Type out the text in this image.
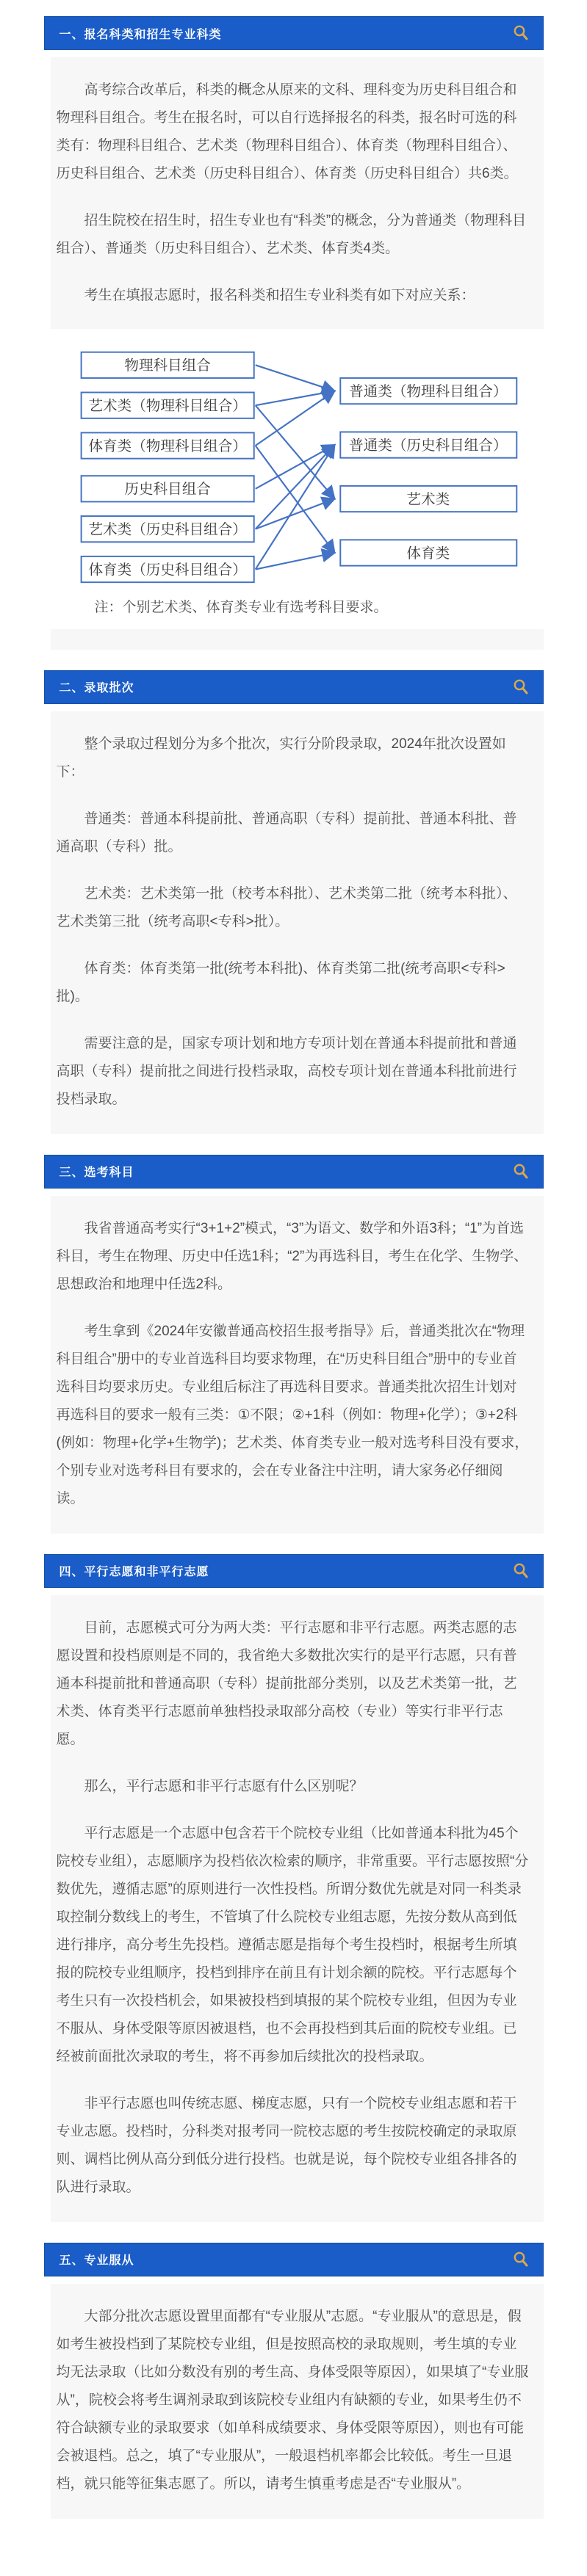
一、报名科类和招生专业科类

高考综合改革后，科类的概念从原来的文科、理科变为历史科目组合和物理科目组合。考生在报名时，可以自行选择报名的科类，报名时可选的科类有：物理科目组合、艺术类（物理科目组合）、体育类（物理科目组合）、历史科目组合、艺术类（历史科目组合）、体育类（历史科目组合）共6类。

招生院校在招生时，招生专业也有“科类”的概念，分为普通类（物理科目组合）、普通类（历史科目组合）、艺术类、体育类4类。

考生在填报志愿时，报名科类和招生专业科类有如下对应关系：

物理科目组合
艺术类（物理科目组合）
体育类（物理科目组合）
历史科目组合
艺术类（历史科目组合）
体育类（历史科目组合）
普通类（物理科目组合）
普通类（历史科目组合）
艺术类
体育类

注：个别艺术类、体育类专业有选考科目要求。

二、录取批次

整个录取过程划分为多个批次，实行分阶段录取，2024年批次设置如下：

普通类：普通本科提前批、普通高职（专科）提前批、普通本科批、普通高职（专科）批。

艺术类：艺术类第一批（校考本科批）、艺术类第二批（统考本科批）、艺术类第三批（统考高职<专科>批）。

体育类：体育类第一批(统考本科批)、体育类第二批(统考高职<专科>批)。

需要注意的是，国家专项计划和地方专项计划在普通本科提前批和普通高职（专科）提前批之间进行投档录取，高校专项计划在普通本科批前进行投档录取。

三、选考科目

我省普通高考实行“3+1+2”模式，“3”为语文、数学和外语3科；“1”为首选科目，考生在物理、历史中任选1科；“2”为再选科目，考生在化学、生物学、思想政治和地理中任选2科。

考生拿到《2024年安徽普通高校招生报考指导》后，普通类批次在“物理科目组合”册中的专业首选科目均要求物理，在“历史科目组合”册中的专业首选科目均要求历史。专业组后标注了再选科目要求。普通类批次招生计划对再选科目的要求一般有三类：①不限；②+1科（例如：物理+化学）；③+2科(例如：物理+化学+生物学)；艺术类、体育类专业一般对选考科目没有要求，个别专业对选考科目有要求的，会在专业备注中注明，请大家务必仔细阅读。

四、平行志愿和非平行志愿

目前，志愿模式可分为两大类：平行志愿和非平行志愿。两类志愿的志愿设置和投档原则是不同的，我省绝大多数批次实行的是平行志愿，只有普通本科提前批和普通高职（专科）提前批部分类别，以及艺术类第一批，艺术类、体育类平行志愿前单独档投录取部分高校（专业）等实行非平行志愿。

那么，平行志愿和非平行志愿有什么区别呢？

平行志愿是一个志愿中包含若干个院校专业组（比如普通本科批为45个院校专业组），志愿顺序为投档依次检索的顺序，非常重要。平行志愿按照“分数优先，遵循志愿”的原则进行一次性投档。所谓分数优先就是对同一科类录取控制分数线上的考生，不管填了什么院校专业组志愿，先按分数从高到低进行排序，高分考生先投档。遵循志愿是指每个考生投档时，根据考生所填报的院校专业组顺序，投档到排序在前且有计划余额的院校。平行志愿每个考生只有一次投档机会，如果被投档到填报的某个院校专业组，但因为专业不服从、身体受限等原因被退档，也不会再投档到其后面的院校专业组。已经被前面批次录取的考生，将不再参加后续批次的投档录取。

非平行志愿也叫传统志愿、梯度志愿，只有一个院校专业组志愿和若干专业志愿。投档时，分科类对报考同一院校志愿的考生按院校确定的录取原则、调档比例从高分到低分进行投档。也就是说，每个院校专业组各排各的队进行录取。

五、专业服从

大部分批次志愿设置里面都有“专业服从”志愿。“专业服从”的意思是，假如考生被投档到了某院校专业组，但是按照高校的录取规则，考生填的专业均无法录取（比如分数没有别的考生高、身体受限等原因），如果填了“专业服从”，院校会将考生调剂录取到该院校专业组内有缺额的专业，如果考生仍不符合缺额专业的录取要求（如单科成绩要求、身体受限等原因），则也有可能会被退档。总之，填了“专业服从”，一般退档机率都会比较低。考生一旦退档，就只能等征集志愿了。所以，请考生慎重考虑是否“专业服从”。
